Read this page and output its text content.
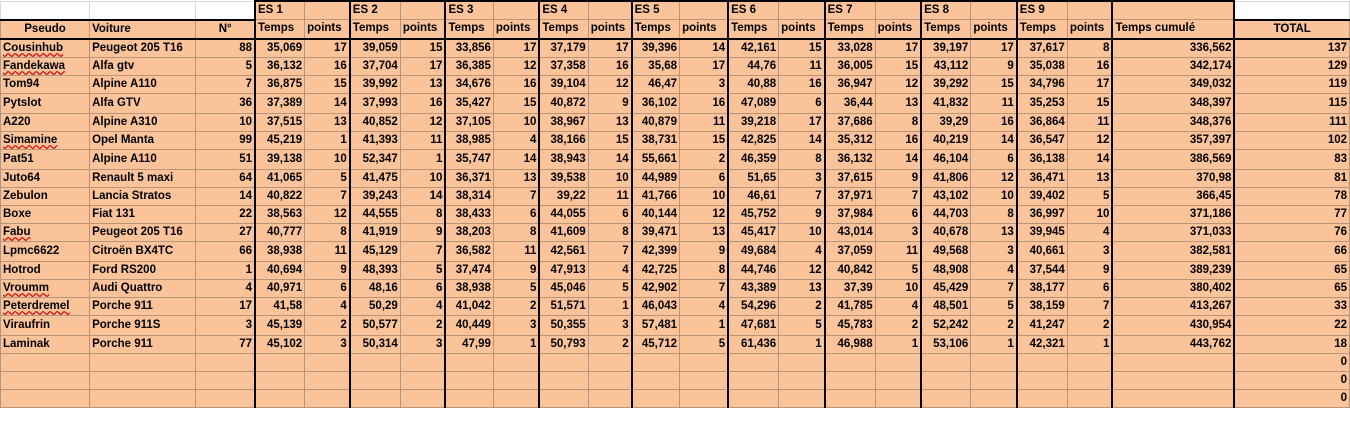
			ES 1		ES 2		ES 3		ES 4		ES 5		ES 6		ES 7		ES 8		ES 9			
Pseudo	Voiture	N°	Temps	points	Temps	points	Temps	points	Temps	points	Temps	points	Temps	points	Temps	points	Temps	points	Temps	points	Temps cumulé	TOTAL
Cousinhub	Peugeot 205 T16	88	35,069	17	39,059	15	33,856	17	37,179	17	39,396	14	42,161	15	33,028	17	39,197	17	37,617	8	336,562	137
Fandekawa	Alfa gtv	5	36,132	16	37,704	17	36,385	12	37,358	16	35,68	17	44,76	11	36,005	15	43,112	9	35,038	16	342,174	129
Tom94	Alpine A110	7	36,875	15	39,992	13	34,676	16	39,104	12	46,47	3	40,88	16	36,947	12	39,292	15	34,796	17	349,032	119
Pytslot	Alfa GTV	36	37,389	14	37,993	16	35,427	15	40,872	9	36,102	16	47,089	6	36,44	13	41,832	11	35,253	15	348,397	115
A220	Alpine A310	10	37,515	13	40,852	12	37,105	10	38,967	13	40,879	11	39,218	17	37,686	8	39,29	16	36,864	11	348,376	111
Simamine	Opel Manta	99	45,219	1	41,393	11	38,985	4	38,166	15	38,731	15	42,825	14	35,312	16	40,219	14	36,547	12	357,397	102
Pat51	Alpine A110	51	39,138	10	52,347	1	35,747	14	38,943	14	55,661	2	46,359	8	36,132	14	46,104	6	36,138	14	386,569	83
Juto64	Renault 5 maxi	64	41,065	5	41,475	10	36,371	13	39,538	10	44,989	6	51,65	3	37,615	9	41,806	12	36,471	13	370,98	81
Zebulon	Lancia Stratos	14	40,822	7	39,243	14	38,314	7	39,22	11	41,766	10	46,61	7	37,971	7	43,102	10	39,402	5	366,45	78
Boxe	Fiat 131	22	38,563	12	44,555	8	38,433	6	44,055	6	40,144	12	45,752	9	37,984	6	44,703	8	36,997	10	371,186	77
Fabu	Peugeot 205 T16	27	40,777	8	41,919	9	38,203	8	41,609	8	39,471	13	45,417	10	43,014	3	40,678	13	39,945	4	371,033	76
Lpmc6622	Citroën BX4TC	66	38,938	11	45,129	7	36,582	11	42,561	7	42,399	9	49,684	4	37,059	11	49,568	3	40,661	3	382,581	66
Hotrod	Ford RS200	1	40,694	9	48,393	5	37,474	9	47,913	4	42,725	8	44,746	12	40,842	5	48,908	4	37,544	9	389,239	65
Vroumm	Audi Quattro	4	40,971	6	48,16	6	38,938	5	45,046	5	42,902	7	43,389	13	37,39	10	45,429	7	38,177	6	380,402	65
Peterdremel	Porche 911	17	41,58	4	50,29	4	41,042	2	51,571	1	46,043	4	54,296	2	41,785	4	48,501	5	38,159	7	413,267	33
Viraufrin	Porche 911S	3	45,139	2	50,577	2	40,449	3	50,355	3	57,481	1	47,681	5	45,783	2	52,242	2	41,247	2	430,954	22
Laminak	Porche 911	77	45,102	3	50,314	3	47,99	1	50,793	2	45,712	5	61,436	1	46,988	1	53,106	1	42,321	1	443,762	18
																						0
																						0
																						0
